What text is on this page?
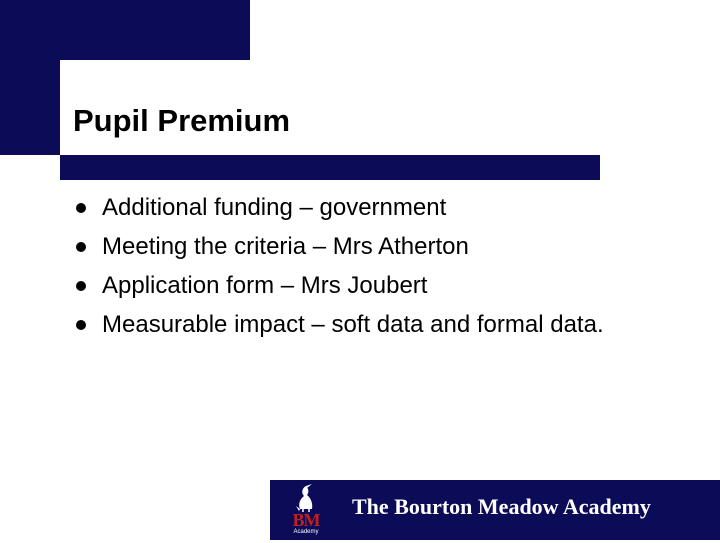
Pupil Premium
Additional funding – government
Meeting the criteria – Mrs Atherton
Application form – Mrs Joubert
Measurable impact – soft data and formal data.
BM
Academy

The Bourton Meadow Academy
